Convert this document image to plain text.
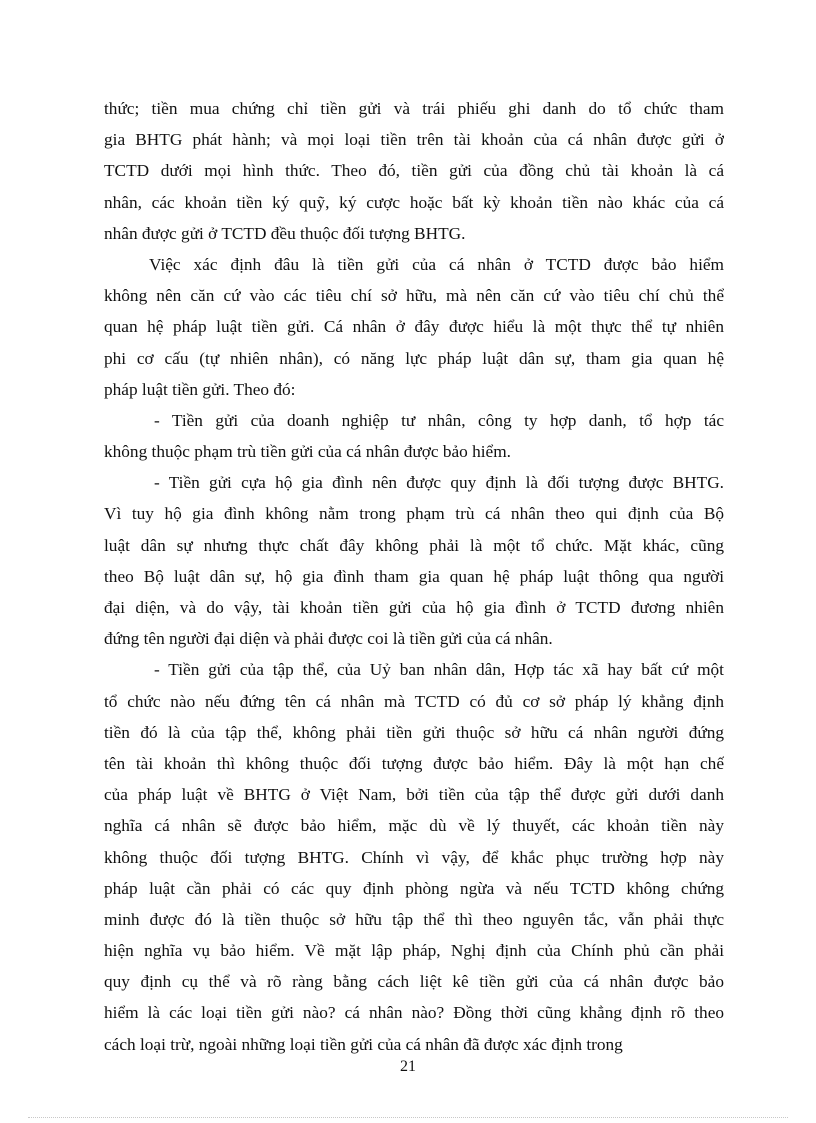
thức; tiền mua chứng chỉ tiền gửi và trái phiếu ghi danh do tổ chức tham
gia BHTG phát hành; và mọi loại tiền trên tài khoản của cá nhân được gửi ở
TCTD dưới mọi hình thức. Theo đó, tiền gửi của đồng chủ tài khoản là cá
nhân, các khoản tiền ký quỹ, ký cược hoặc bất kỳ khoản tiền nào khác của cá
nhân được gửi ở TCTD đều thuộc đối tượng BHTG.
Việc xác định đâu là tiền gửi của cá nhân ở TCTD được bảo hiểm
không nên căn cứ vào các tiêu chí sở hữu, mà nên căn cứ vào tiêu chí chủ thể
quan hệ pháp luật tiền gửi. Cá nhân ở đây được hiểu là một thực thể tự nhiên
phi cơ cấu (tự nhiên nhân), có năng lực pháp luật dân sự, tham gia quan hệ
pháp luật tiền gửi. Theo đó:
- Tiền gửi của doanh nghiệp tư nhân, công ty hợp danh, tổ hợp tác
không thuộc phạm trù tiền gửi của cá nhân được bảo hiểm.
- Tiền gửi cựa hộ gia đình nên được quy định là đối tượng được BHTG.
Vì tuy hộ gia đình không nằm trong phạm trù cá nhân theo qui định của Bộ
luật dân sự nhưng thực chất đây không phải là một tổ chức. Mặt khác, cũng
theo Bộ luật dân sự, hộ gia đình tham gia quan hệ pháp luật thông qua người
đại diện, và do vậy, tài khoản tiền gửi của hộ gia đình ở TCTD đương nhiên
đứng tên người đại diện và phải được coi là tiền gửi của cá nhân.
- Tiền gửi của tập thể, của Uỷ ban nhân dân, Hợp tác xã hay bất cứ một
tổ chức nào nếu đứng tên cá nhân mà TCTD có đủ cơ sở pháp lý khẳng định
tiền đó là của tập thể, không phải tiền gửi thuộc sở hữu cá nhân người đứng
tên tài khoản thì không thuộc đối tượng được bảo hiểm. Đây là một hạn chế
của pháp luật về BHTG ở Việt Nam, bởi tiền của tập thể được gửi dưới danh
nghĩa cá nhân sẽ được bảo hiểm, mặc dù về lý thuyết, các khoản tiền này
không thuộc đối tượng BHTG. Chính vì vậy, để khắc phục trường hợp này
pháp luật cần phải có các quy định phòng ngừa và nếu TCTD không chứng
minh được đó là tiền thuộc sở hữu tập thể thì theo nguyên tắc, vẫn phải thực
hiện nghĩa vụ bảo hiểm. Về mặt lập pháp, Nghị định của Chính phủ cần phải
quy định cụ thể và rõ ràng bằng cách liệt kê tiền gửi của cá nhân được bảo
hiểm là các loại tiền gửi nào? cá nhân nào? Đồng thời cũng khẳng định rõ theo
cách loại trừ, ngoài những loại tiền gửi của cá nhân đã được xác định trong
21
